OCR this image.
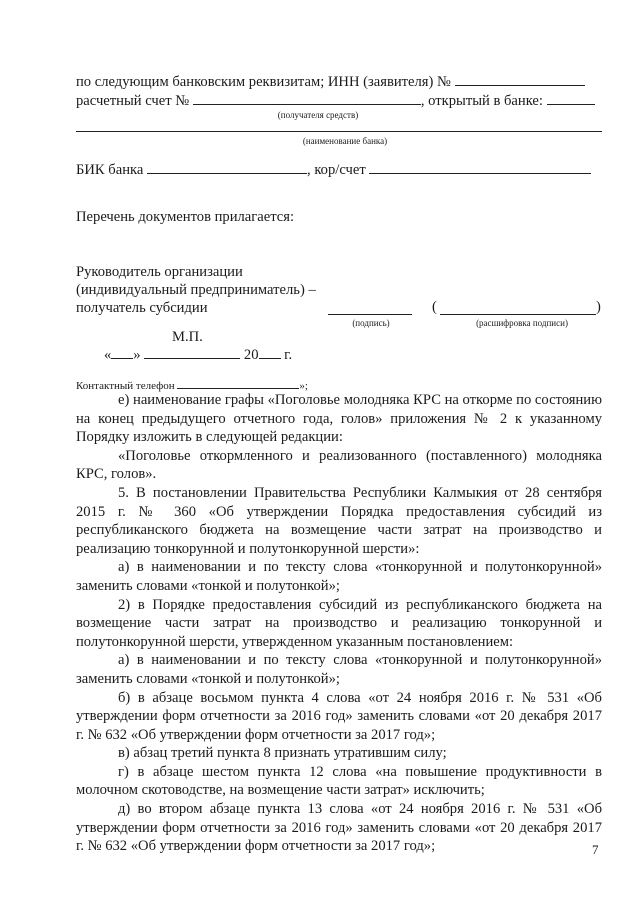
по следующим банковским реквизитам; ИНН (заявителя) №
расчетный счет №	, открытый в банке:
(получателя средств)
(наименование банка)
БИК банка	, кор/счет
Перечень документов прилагается:
Руководитель организации
(индивидуальный предприниматель) –
получатель субсидии	(	)
(подпись)	(расшифровка подписи)
М.П.
« »	20 г.
Контактный телефон	»;

е) наименование графы «Поголовье молодняка КРС на откорме по состоянию на конец предыдущего отчетного года, голов» приложения № 2 к указанному Порядку изложить в следующей редакции:

«Поголовье откормленного и реализованного (поставленного) молодняка КРС, голов».

5. В постановлении Правительства Республики Калмыкия от 28 сентября 2015 г. № 360 «Об утверждении Порядка предоставления субсидий из республиканского бюджета на возмещение части затрат на производство и реализацию тонкорунной и полутонкорунной шерсти»:

а) в наименовании и по тексту слова «тонкорунной и полутонкорунной» заменить словами «тонкой и полутонкой»;

2) в Порядке предоставления субсидий из республиканского бюджета на возмещение части затрат на производство и реализацию тонкорунной и полутонкорунной шерсти, утвержденном указанным постановлением:

а) в наименовании и по тексту слова «тонкорунной и полутонкорунной» заменить словами «тонкой и полутонкой»;

б) в абзаце восьмом пункта 4 слова «от 24 ноября 2016 г. № 531 «Об утверждении форм отчетности за 2016 год» заменить словами «от 20 декабря 2017 г. № 632 «Об утверждении форм отчетности за 2017 год»;

в) абзац третий пункта 8 признать утратившим силу;

г) в абзаце шестом пункта 12 слова «на повышение продуктивности в молочном скотоводстве, на возмещение части затрат» исключить;

д) во втором абзаце пункта 13 слова «от 24 ноября 2016 г. № 531 «Об утверждении форм отчетности за 2016 год» заменить словами «от 20 декабря 2017 г. № 632 «Об утверждении форм отчетности за 2017 год»;	7
